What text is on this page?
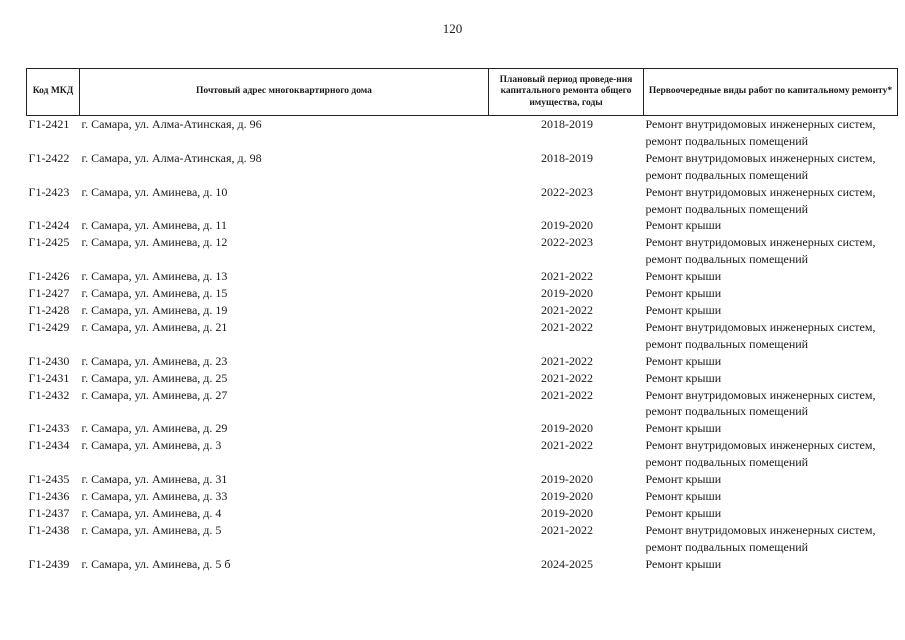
120
Код МКД	Почтовый адрес многоквартирного дома	Плановый период проведе-ния капитального ремонта общего имущества, годы	Первоочередные виды работ по капитальному ремонту*
Г1-2421	г. Самара, ул. Алма-Атинская, д. 96	2018-2019	Ремонт внутридомовых инженерных систем, ремонт подвальных помещений
Г1-2422	г. Самара, ул. Алма-Атинская, д. 98	2018-2019	Ремонт внутридомовых инженерных систем, ремонт подвальных помещений
Г1-2423	г. Самара, ул. Аминева, д. 10	2022-2023	Ремонт внутридомовых инженерных систем, ремонт подвальных помещений
Г1-2424	г. Самара, ул. Аминева, д. 11	2019-2020	Ремонт крыши
Г1-2425	г. Самара, ул. Аминева, д. 12	2022-2023	Ремонт внутридомовых инженерных систем, ремонт подвальных помещений
Г1-2426	г. Самара, ул. Аминева, д. 13	2021-2022	Ремонт крыши
Г1-2427	г. Самара, ул. Аминева, д. 15	2019-2020	Ремонт крыши
Г1-2428	г. Самара, ул. Аминева, д. 19	2021-2022	Ремонт крыши
Г1-2429	г. Самара, ул. Аминева, д. 21	2021-2022	Ремонт внутридомовых инженерных систем, ремонт подвальных помещений
Г1-2430	г. Самара, ул. Аминева, д. 23	2021-2022	Ремонт крыши
Г1-2431	г. Самара, ул. Аминева, д. 25	2021-2022	Ремонт крыши
Г1-2432	г. Самара, ул. Аминева, д. 27	2021-2022	Ремонт внутридомовых инженерных систем, ремонт подвальных помещений
Г1-2433	г. Самара, ул. Аминева, д. 29	2019-2020	Ремонт крыши
Г1-2434	г. Самара, ул. Аминева, д. 3	2021-2022	Ремонт внутридомовых инженерных систем, ремонт подвальных помещений
Г1-2435	г. Самара, ул. Аминева, д. 31	2019-2020	Ремонт крыши
Г1-2436	г. Самара, ул. Аминева, д. 33	2019-2020	Ремонт крыши
Г1-2437	г. Самара, ул. Аминева, д. 4	2019-2020	Ремонт крыши
Г1-2438	г. Самара, ул. Аминева, д. 5	2021-2022	Ремонт внутридомовых инженерных систем, ремонт подвальных помещений
Г1-2439	г. Самара, ул. Аминева, д. 5 б	2024-2025	Ремонт крыши
